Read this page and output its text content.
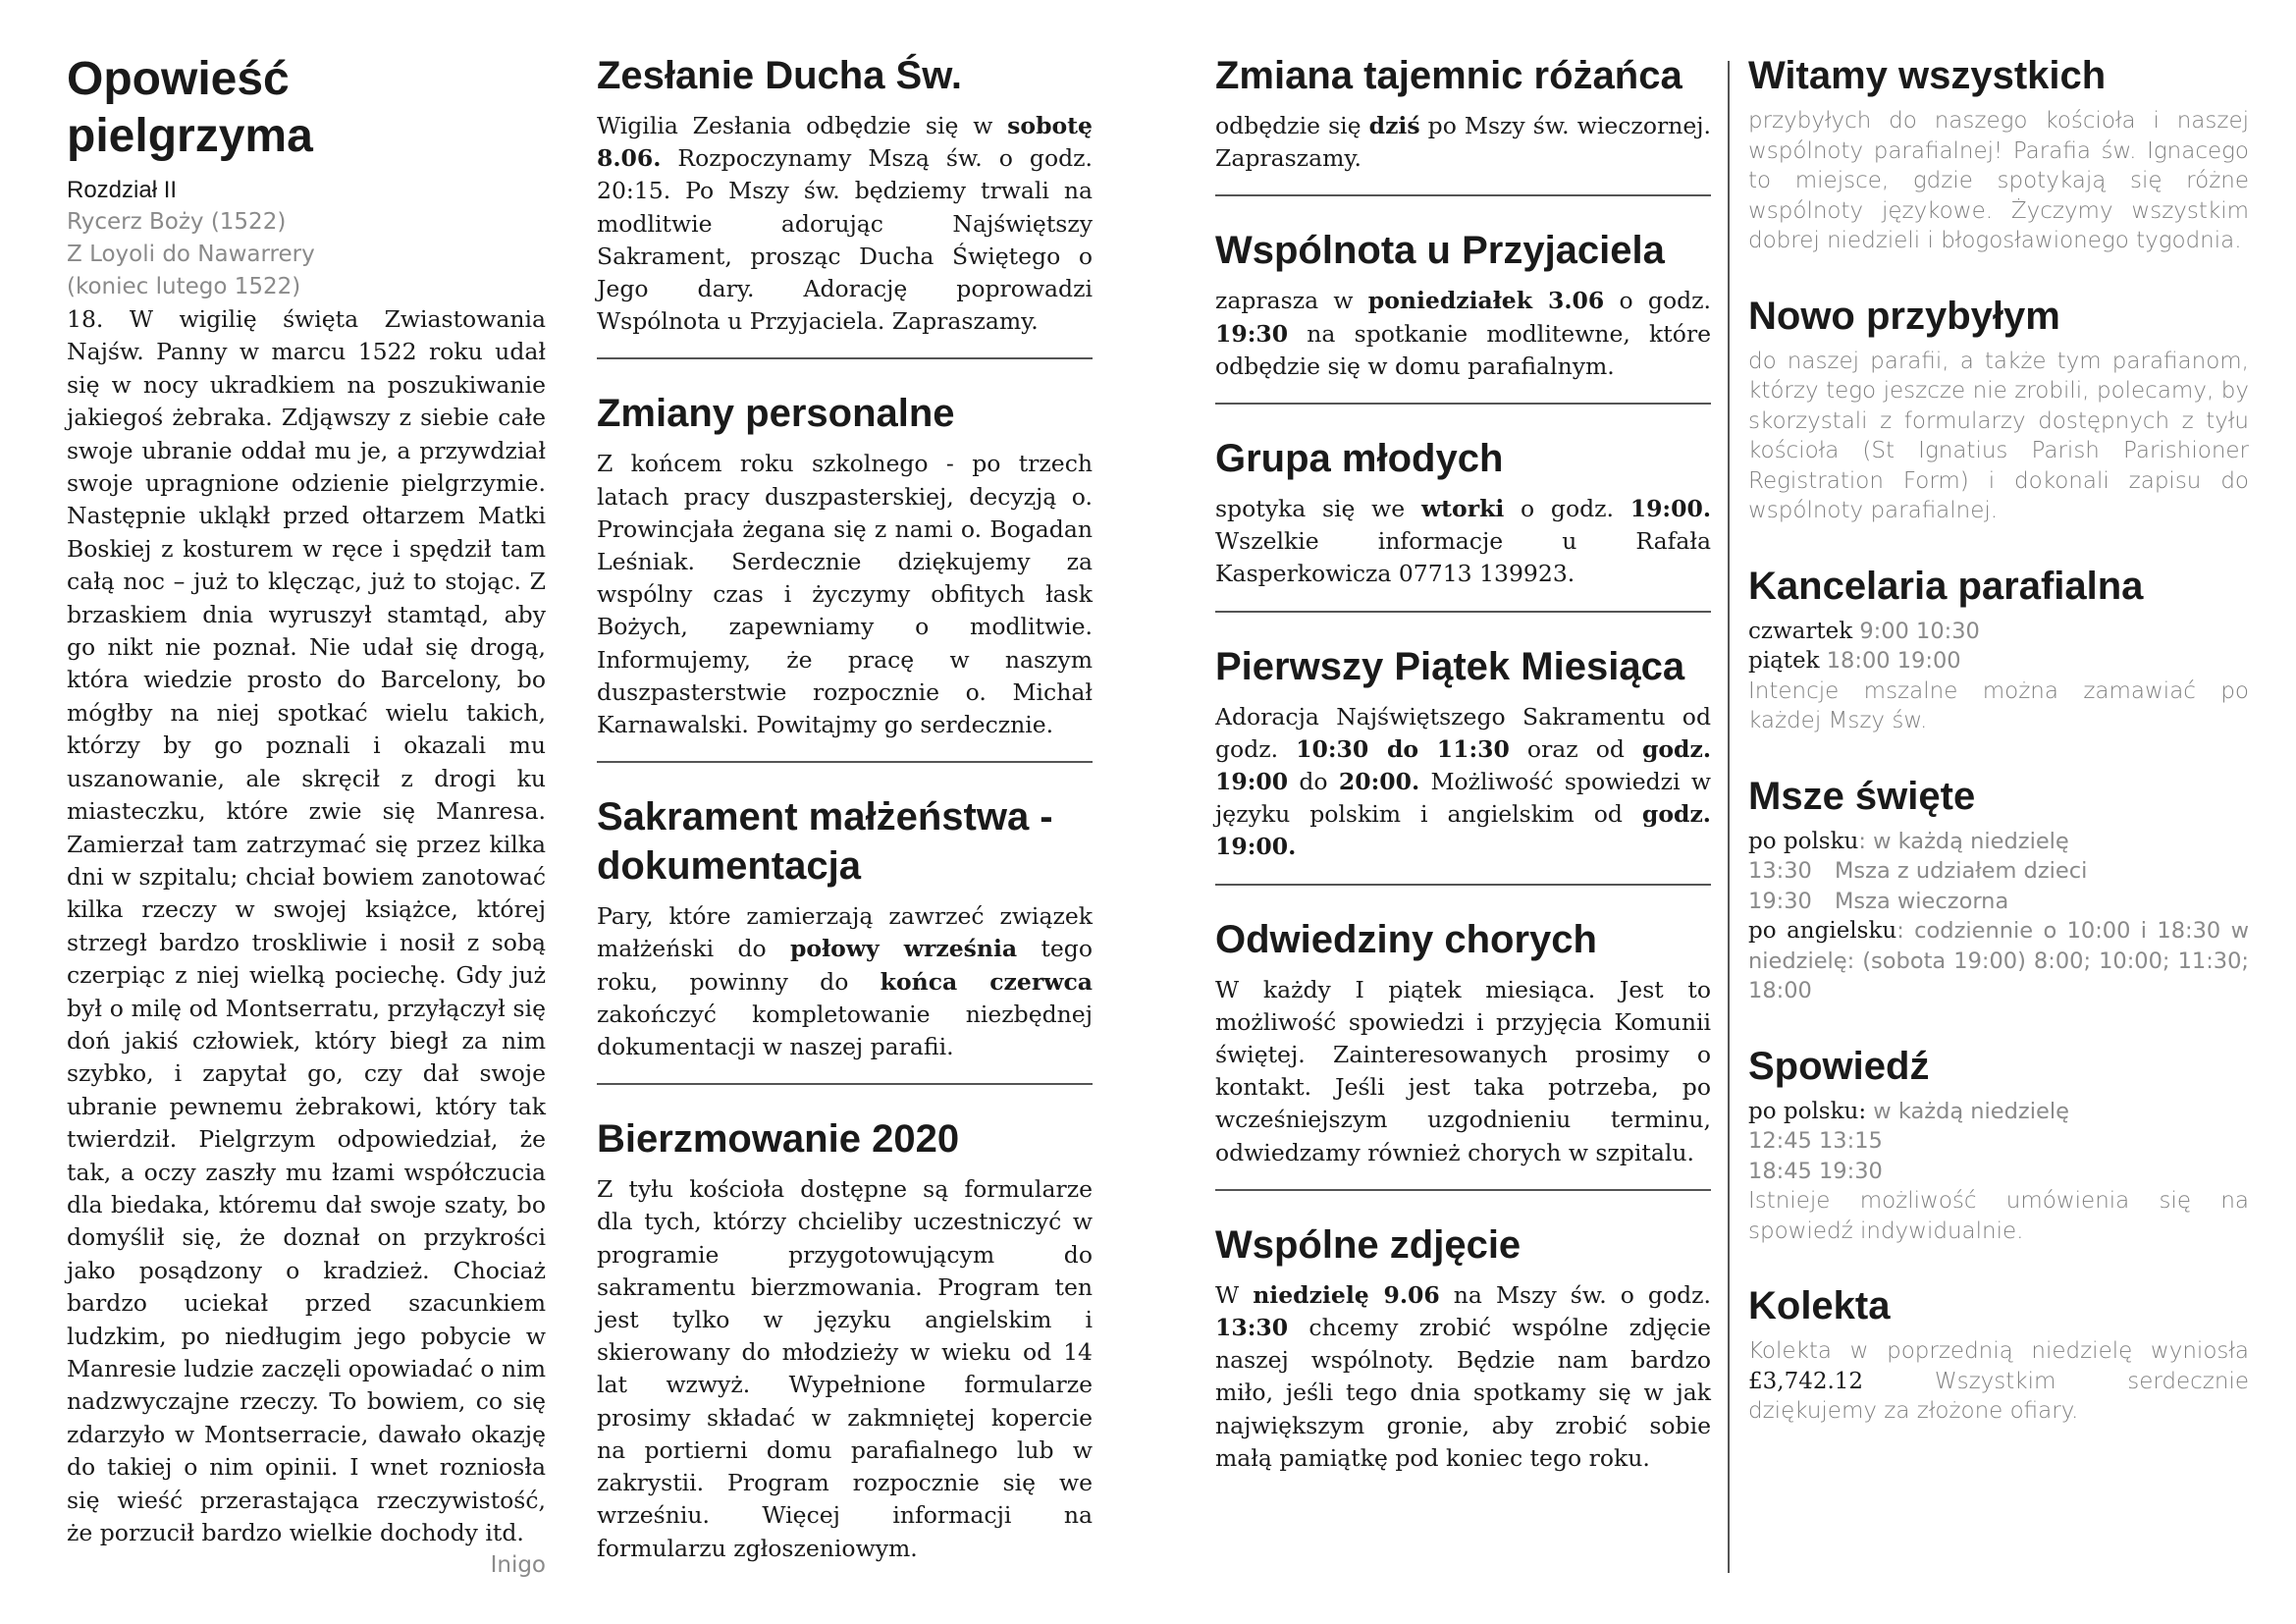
Opowieść pielgrzyma
Rozdział II
Rycerz Boży (1522)
Z Loyoli do Nawarrery
(koniec lutego 1522)

18. W wigilię święta Zwiastowania Najśw. Panny w marcu 1522 roku udał się w nocy ukradkiem na poszukiwanie jakiegoś żebraka. Zdjąwszy z siebie całe swoje ubranie oddał mu je, a przywdział swoje upragnione odzienie pielgrzymie. Następnie ukląkł przed ołtarzem Matki Boskiej z kosturem w ręce i spędził tam całą noc – już to klęcząc, już to stojąc. Z brzaskiem dnia wyruszył stamtąd, aby go nikt nie poznał. Nie udał się drogą, która wiedzie prosto do Barcelony, bo mógłby na niej spotkać wielu takich, którzy by go poznali i okazali mu uszanowanie, ale skręcił z drogi ku miasteczku, które zwie się Manresa. Zamierzał tam zatrzymać się przez kilka dni w szpitalu; chciał bowiem zanotować kilka rzeczy w swojej książce, której strzegł bardzo troskliwie i nosił z sobą czerpiąc z niej wielką pociechę. Gdy już był o milę od Montserratu, przyłączył się doń jakiś człowiek, który biegł za nim szybko, i zapytał go, czy dał swoje ubranie pewnemu żebrakowi, który tak twierdził. Pielgrzym odpowiedział, że tak, a oczy zaszły mu łzami współczucia dla biedaka, któremu dał swoje szaty, bo domyślił się, że doznał on przykrości jako posądzony o kradzież. Chociaż bardzo uciekał przed szacunkiem ludzkim, po niedługim jego pobycie w Manresie ludzie zaczęli opowiadać o nim nadzwyczajne rzeczy. To bowiem, co się zdarzyło w Montserracie, dawało okazję do takiej o nim opinii. I wnet rozniosła się wieść przerastająca rzeczywistość, że porzucił bardzo wielkie dochody itd.

Inigo
Zesłanie Ducha Św.

Wigilia Zesłania odbędzie się w sobotę 8.06. Rozpoczynamy Mszą św. o godz. 20:15. Po Mszy św. będziemy trwali na modlitwie adorując Najświętszy Sakrament, prosząc Ducha Świętego o Jego dary. Adorację poprowadzi Wspólnota u Przyjaciela. Zapraszamy.

Zmiany personalne

Z końcem roku szkolnego - po trzech latach pracy duszpasterskiej, decyzją o. Prowincjała żegana się z nami o. Bogadan Leśniak. Serdecznie dziękujemy za wspólny czas i życzymy obfitych łask Bożych, zapewniamy o modlitwie. Informujemy, że pracę w naszym duszpasterstwie rozpocznie o. Michał Karnawalski. Powitajmy go serdecznie.

Sakrament małżeństwa - dokumentacja

Pary, które zamierzają zawrzeć związek małżeński do połowy września tego roku, powinny do końca czerwca zakończyć kompletowanie niezbędnej dokumentacji w naszej parafii.

Bierzmowanie 2020

Z tyłu kościoła dostępne są formularze dla tych, którzy chcieliby uczestniczyć w programie przygotowującym do sakramentu bierzmowania. Program ten jest tylko w języku angielskim i skierowany do młodzieży w wieku od 14 lat wzwyż. Wypełnione formularze prosimy składać w zakmniętej kopercie na portierni domu parafialnego lub w zakrystii. Program rozpocznie się we wrześniu. Więcej informacji na formularzu zgłoszeniowym.

Zmiana tajemnic różańca

odbędzie się dziś po Mszy św. wieczornej. Zapraszamy.

Wspólnota u Przyjaciela

zaprasza w poniedziałek 3.06 o godz. 19:30 na spotkanie modlitewne, które odbędzie się w domu parafialnym.

Grupa młodych

spotyka się we wtorki o godz. 19:00. Wszelkie informacje u Rafała Kasperkowicza 07713 139923.

Pierwszy Piątek Miesiąca

Adoracja Najświętszego Sakramentu od godz. 10:30 do 11:30 oraz od godz. 19:00 do 20:00. Możliwość spowiedzi w języku polskim i angielskim od godz. 19:00.

Odwiedziny chorych

W każdy I piątek miesiąca. Jest to możliwość spowiedzi i przyjęcia Komunii świętej. Zainteresowanych prosimy o kontakt. Jeśli jest taka potrzeba, po wcześniejszym uzgodnieniu terminu, odwiedzamy również chorych w szpitalu.

Wspólne zdjęcie

W niedzielę 9.06 na Mszy św. o godz. 13:30 chcemy zrobić wspólne zdjęcie naszej wspólnoty. Będzie nam bardzo miło, jeśli tego dnia spotkamy się w jak największym gronie, aby zrobić sobie małą pamiątkę pod koniec tego roku.

Witamy wszystkich

przybyłych do naszego kościoła i naszej wspólnoty parafialnej! Parafia św. Ignacego to miejsce, gdzie spotykają się różne wspólnoty językowe. Życzymy wszystkim dobrej niedzieli i błogosławionego tygodnia.

Nowo przybyłym

do naszej parafii, a także tym parafianom, którzy tego jeszcze nie zrobili, polecamy, by skorzystali z formularzy dostępnych z tyłu kościoła (St Ignatius Parish Parishioner Registration Form) i dokonali zapisu do wspólnoty parafialnej.

Kancelaria parafialna
czwartek 9:00 10:30
piątek 18:00 19:00

Intencje mszalne można zamawiać po każdej Mszy św.

Msze święte
po polsku: w każdą niedzielę
13:30 Msza z udziałem dzieci
19:30 Msza wieczorna
po angielsku: codziennie o 10:00 i 18:30 w niedzielę: (sobota 19:00) 8:00; 10:00; 11:30; 18:00
Spowiedź
po polsku: w każdą niedzielę
12:45 13:15
18:45 19:30

Istnieje możliwość umówienia się na spowiedź indywidualnie.

Kolekta

Kolekta w poprzednią niedzielę wyniosła £3,742.12 Wszystkim serdecznie dziękujemy za złożone ofiary.
